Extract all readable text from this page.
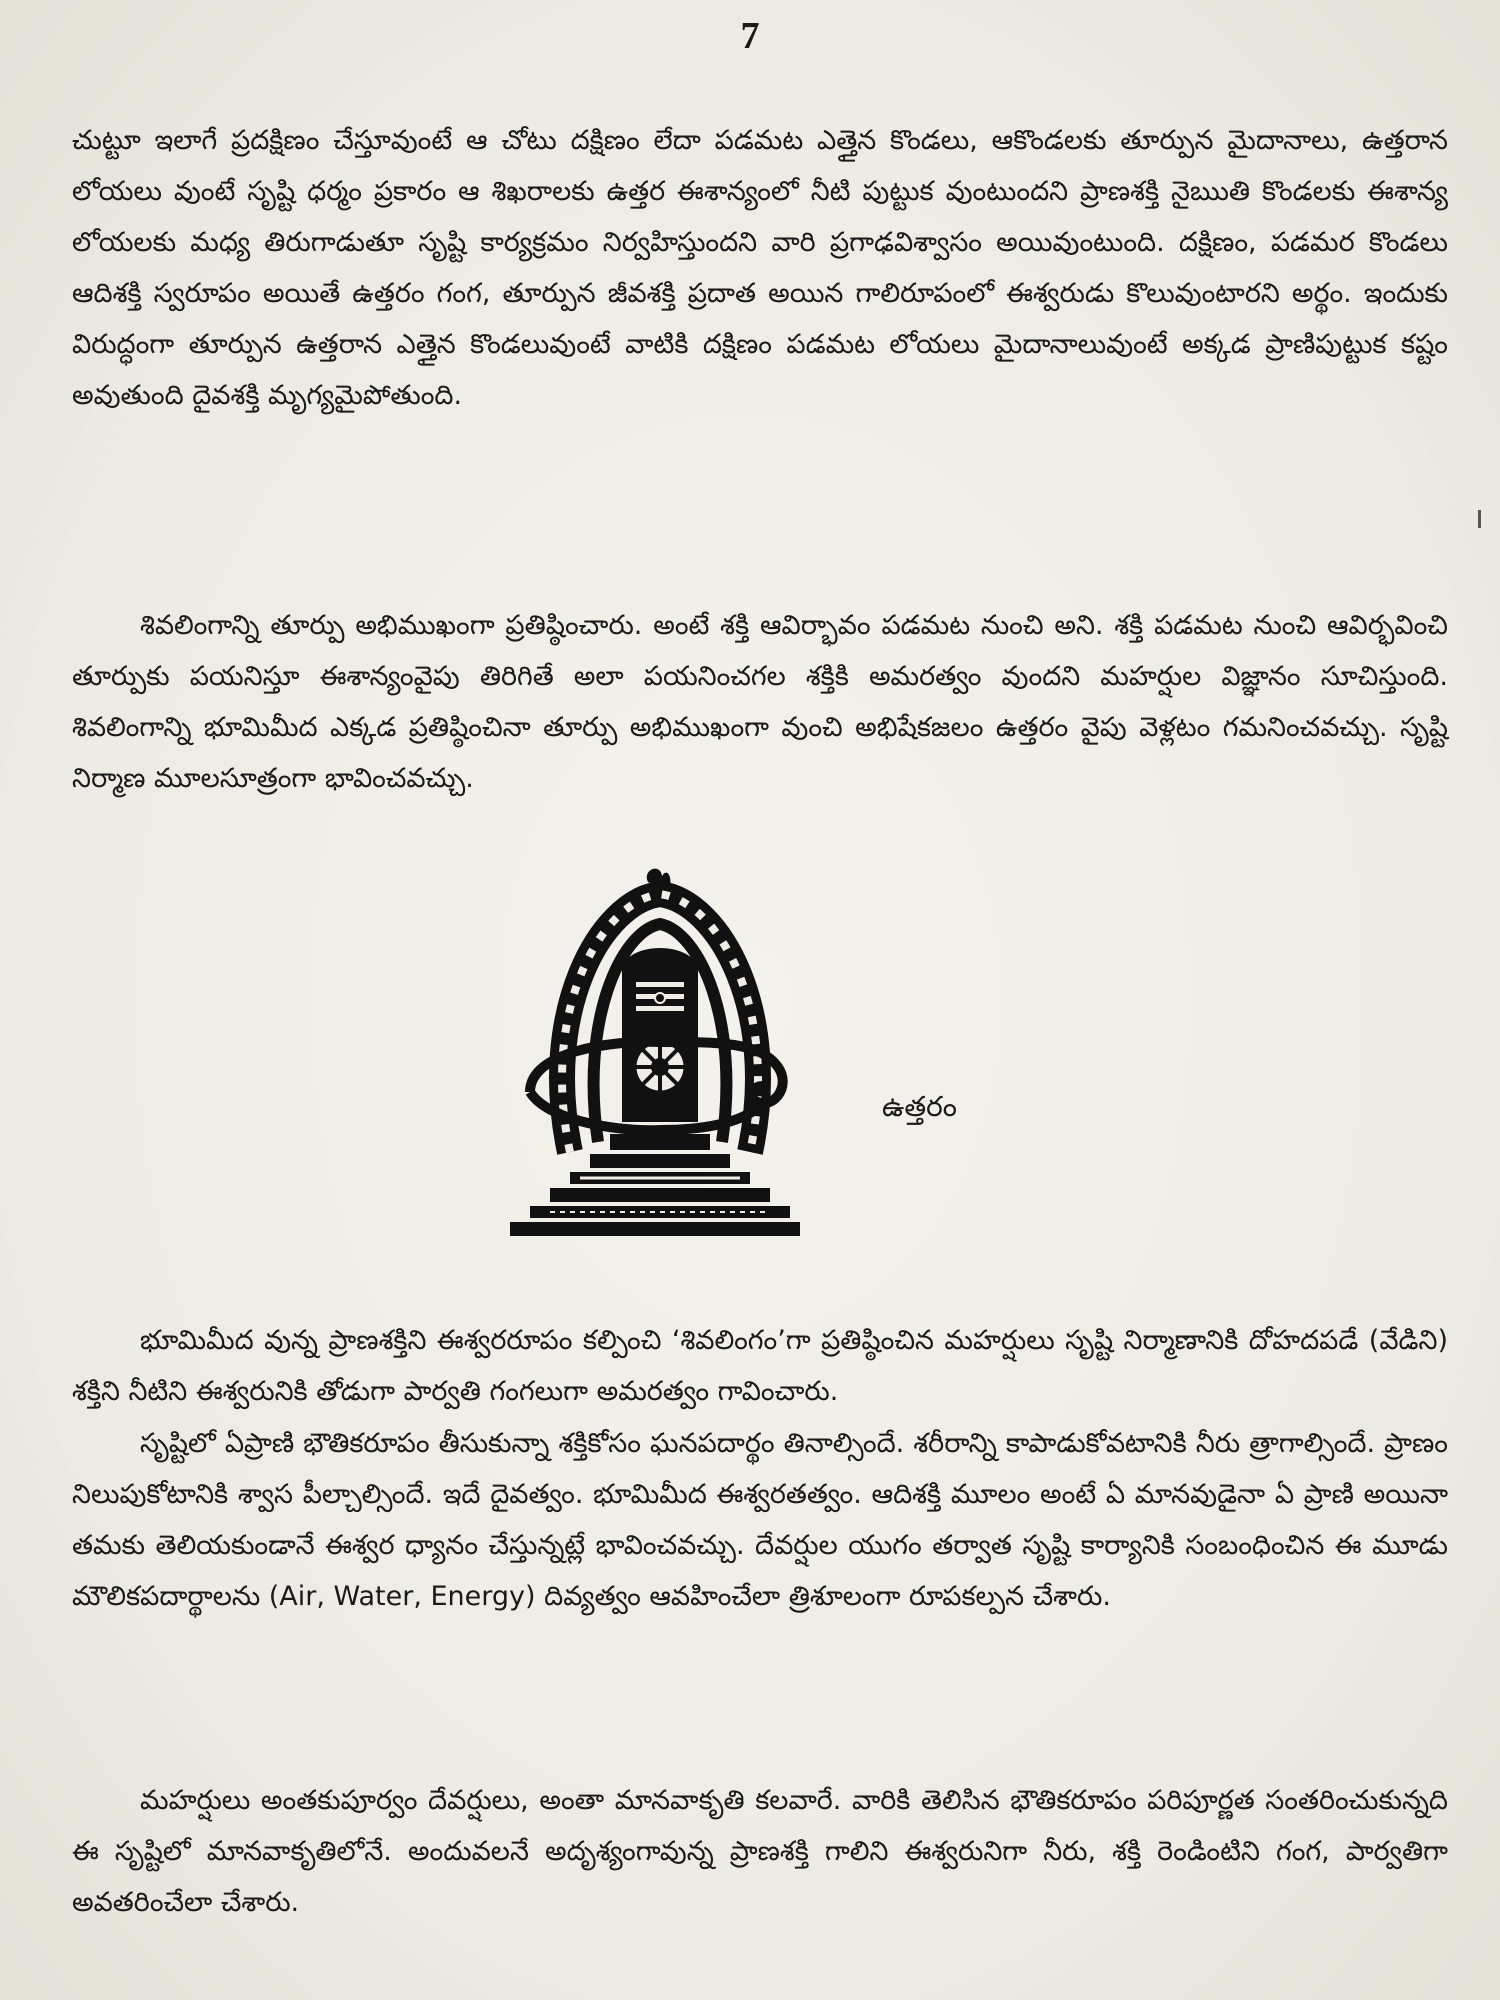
7

చుట్టూ ఇలాగే ప్రదక్షిణం చేస్తూవుంటే ఆ చోటు దక్షిణం లేదా పడమట ఎత్తైన కొండలు, ఆకొండలకు తూర్పున మైదానాలు, ఉత్తరాన లోయలు వుంటే సృష్టి ధర్మం ప్రకారం ఆ శిఖరాలకు ఉత్తర ఈశాన్యంలో నీటి పుట్టుక వుంటుందని ప్రాణశక్తి నైఋతి కొండలకు ఈశాన్య లోయలకు మధ్య తిరుగాడుతూ సృష్టి కార్యక్రమం నిర్వహిస్తుందని వారి ప్రగాఢవిశ్వాసం అయివుంటుంది. దక్షిణం, పడమర కొండలు ఆదిశక్తి స్వరూపం అయితే ఉత్తరం గంగ, తూర్పున జీవశక్తి ప్రదాత అయిన గాలిరూపంలో ఈశ్వరుడు కొలువుంటారని అర్థం. ఇందుకు విరుద్ధంగా తూర్పున ఉత్తరాన ఎత్తైన కొండలువుంటే వాటికి దక్షిణం పడమట లోయలు మైదానాలువుంటే అక్కడ ప్రాణిపుట్టుక కష్టం అవుతుంది దైవశక్తి మృగ్యమైపోతుంది.

శివలింగాన్ని తూర్పు అభిముఖంగా ప్రతిష్ఠించారు. అంటే శక్తి ఆవిర్భావం పడమట నుంచి అని. శక్తి పడమట నుంచి ఆవిర్భవించి తూర్పుకు పయనిస్తూ ఈశాన్యంవైపు తిరిగితే అలా పయనించగల శక్తికి అమరత్వం వుందని మహర్షుల విజ్ఞానం సూచిస్తుంది. శివలింగాన్ని భూమిమీద ఎక్కడ ప్రతిష్ఠించినా తూర్పు అభిముఖంగా వుంచి అభిషేకజలం ఉత్తరం వైపు వెళ్లటం గమనించవచ్చు. సృష్టి నిర్మాణ మూలసూత్రంగా భావించవచ్చు.

ఉత్తరం

భూమిమీద వున్న ప్రాణశక్తిని ఈశ్వరరూపం కల్పించి ‘శివలింగం’గా ప్రతిష్ఠించిన మహర్షులు సృష్టి నిర్మాణానికి దోహదపడే (వేడిని) శక్తిని నీటిని ఈశ్వరునికి తోడుగా పార్వతి గంగలుగా అమరత్వం గావించారు.

సృష్టిలో ఏప్రాణి భౌతికరూపం తీసుకున్నా శక్తికోసం ఘనపదార్థం తినాల్సిందే. శరీరాన్ని కాపాడుకోవటానికి నీరు త్రాగాల్సిందే. ప్రాణం నిలుపుకోటానికి శ్వాస పీల్చాల్సిందే. ఇదే దైవత్వం. భూమిమీద ఈశ్వరతత్వం. ఆదిశక్తి మూలం అంటే ఏ మానవుడైనా ఏ ప్రాణి అయినా తమకు తెలియకుండానే ఈశ్వర ధ్యానం చేస్తున్నట్లే భావించవచ్చు. దేవర్షుల యుగం తర్వాత సృష్టి కార్యానికి సంబంధించిన ఈ మూడు మౌలికపదార్థాలను (Air, Water, Energy) దివ్యత్వం ఆవహించేలా త్రిశూలంగా రూపకల్పన చేశారు.

మహర్షులు అంతకుపూర్వం దేవర్షులు, అంతా మానవాకృతి కలవారే. వారికి తెలిసిన భౌతికరూపం పరిపూర్ణత సంతరించుకున్నది ఈ సృష్టిలో మానవాకృతిలోనే. అందువలనే అదృశ్యంగావున్న ప్రాణశక్తి గాలిని ఈశ్వరునిగా నీరు, శక్తి రెండింటిని గంగ, పార్వతిగా అవతరించేలా చేశారు.
